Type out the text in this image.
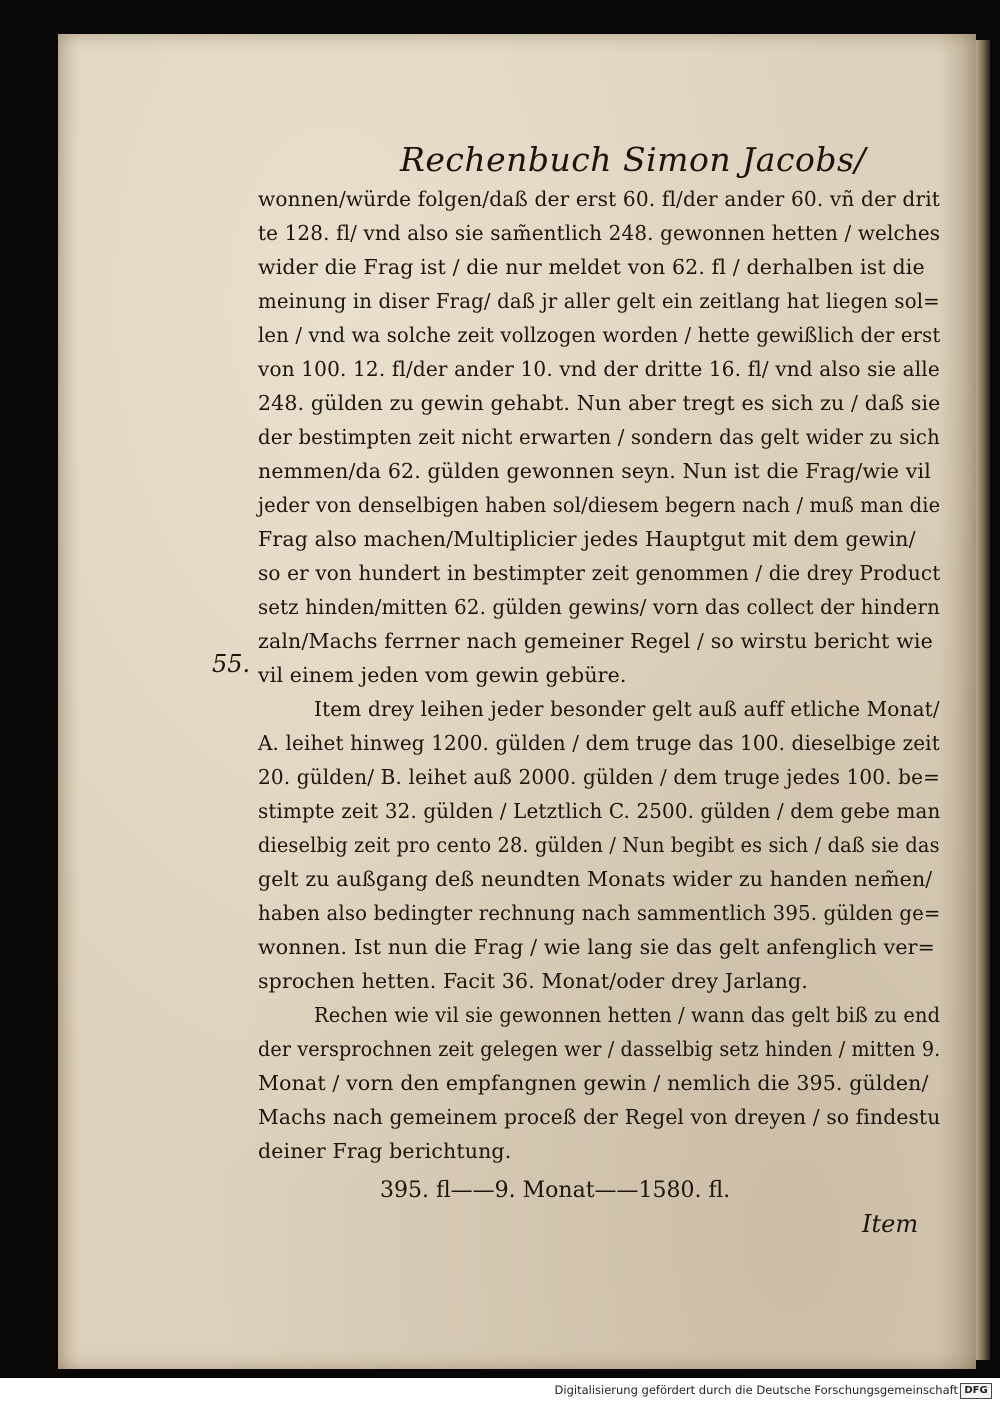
Rechenbuch Simon Jacobs/
wonnen/würde folgen/daß der erst 60. fl/der ander 60. vñ der drit
te 128. fl/ vnd also sie sam̃entlich 248. gewonnen hetten / welches
wider die Frag ist / die nur meldet von 62. fl / derhalben ist die
meinung in diser Frag/ daß jr aller gelt ein zeitlang hat liegen sol=
len / vnd wa solche zeit vollzogen worden / hette gewißlich der erst
von 100. 12. fl/der ander 10. vnd der dritte 16. fl/ vnd also sie alle
248. gülden zu gewin gehabt. Nun aber tregt es sich zu / daß sie
der bestimpten zeit nicht erwarten / sondern das gelt wider zu sich
nemmen/da 62. gülden gewonnen seyn. Nun ist die Frag/wie vil
jeder von denselbigen haben sol/diesem begern nach / muß man die
Frag also machen/Multiplicier jedes Hauptgut mit dem gewin/
so er von hundert in bestimpter zeit genommen / die drey Product
setz hinden/mitten 62. gülden gewins/ vorn das collect der hindern
zaln/Machs ferrner nach gemeiner Regel / so wirstu bericht wie
vil einem jeden vom gewin gebüre.
55.
Item drey leihen jeder besonder gelt auß auff etliche Monat/
A. leihet hinweg 1200. gülden / dem truge das 100. dieselbige zeit
20. gülden/ B. leihet auß 2000. gülden / dem truge jedes 100. be=
stimpte zeit 32. gülden / Letztlich C. 2500. gülden / dem gebe man
dieselbig zeit pro cento 28. gülden / Nun begibt es sich / daß sie das
gelt zu außgang deß neundten Monats wider zu handen nem̃en/
haben also bedingter rechnung nach sammentlich 395. gülden ge=
wonnen. Ist nun die Frag / wie lang sie das gelt anfenglich ver=
sprochen hetten. Facit 36. Monat/oder drey Jarlang.
Rechen wie vil sie gewonnen hetten / wann das gelt biß zu end
der versprochnen zeit gelegen wer / dasselbig setz hinden / mitten 9.
Monat / vorn den empfangnen gewin / nemlich die 395. gülden/
Machs nach gemeinem proceß der Regel von dreyen / so findestu
deiner Frag berichtung.
395. fl——9. Monat——1580. fl.
Item
Digitalisierung gefördert durch die Deutsche Forschungsgemeinschaft DFG
